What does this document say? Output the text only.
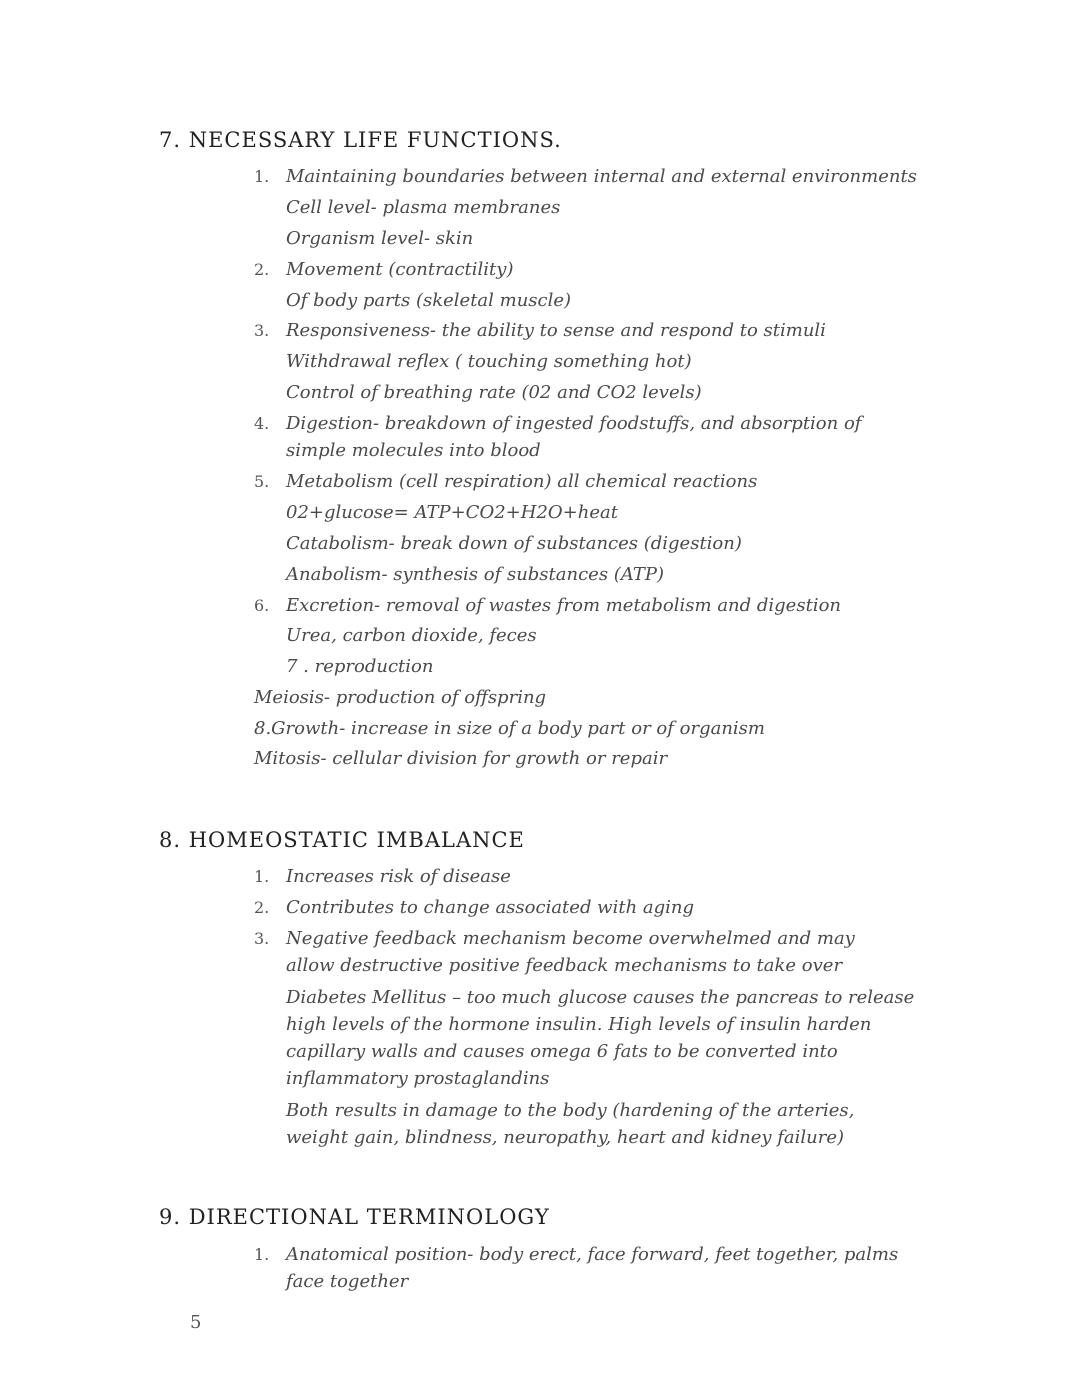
7. NECESSARY LIFE FUNCTIONS.
1. Maintaining boundaries between internal and external environments
Cell level- plasma membranes
Organism level- skin
2. Movement (contractility)
Of body parts (skeletal muscle)
3. Responsiveness- the ability to sense and respond to stimuli
Withdrawal reflex ( touching something hot)
Control of breathing rate (02 and CO2 levels)
4. Digestion- breakdown of ingested foodstuffs, and absorption of simple molecules into blood
5. Metabolism (cell respiration) all chemical reactions
02+glucose= ATP+CO2+H2O+heat
Catabolism- break down of substances (digestion)
Anabolism- synthesis of substances (ATP)
6. Excretion- removal of wastes from metabolism and digestion
Urea, carbon dioxide, feces
7 . reproduction
Meiosis- production of offspring
8.Growth- increase in size of a body part or of organism
Mitosis- cellular division for growth or repair
8. HOMEOSTATIC IMBALANCE
1. Increases risk of disease
2. Contributes to change associated with aging
3. Negative feedback mechanism become overwhelmed and may allow destructive positive feedback mechanisms to take over
Diabetes Mellitus – too much glucose causes the pancreas to release high levels of the hormone insulin. High levels of insulin harden capillary walls and causes omega 6 fats to be converted into inflammatory prostaglandins
Both results in damage to the body (hardening of the arteries, weight gain, blindness, neuropathy, heart and kidney failure)
9. DIRECTIONAL TERMINOLOGY
1. Anatomical position- body erect, face forward, feet together, palms face together
5
